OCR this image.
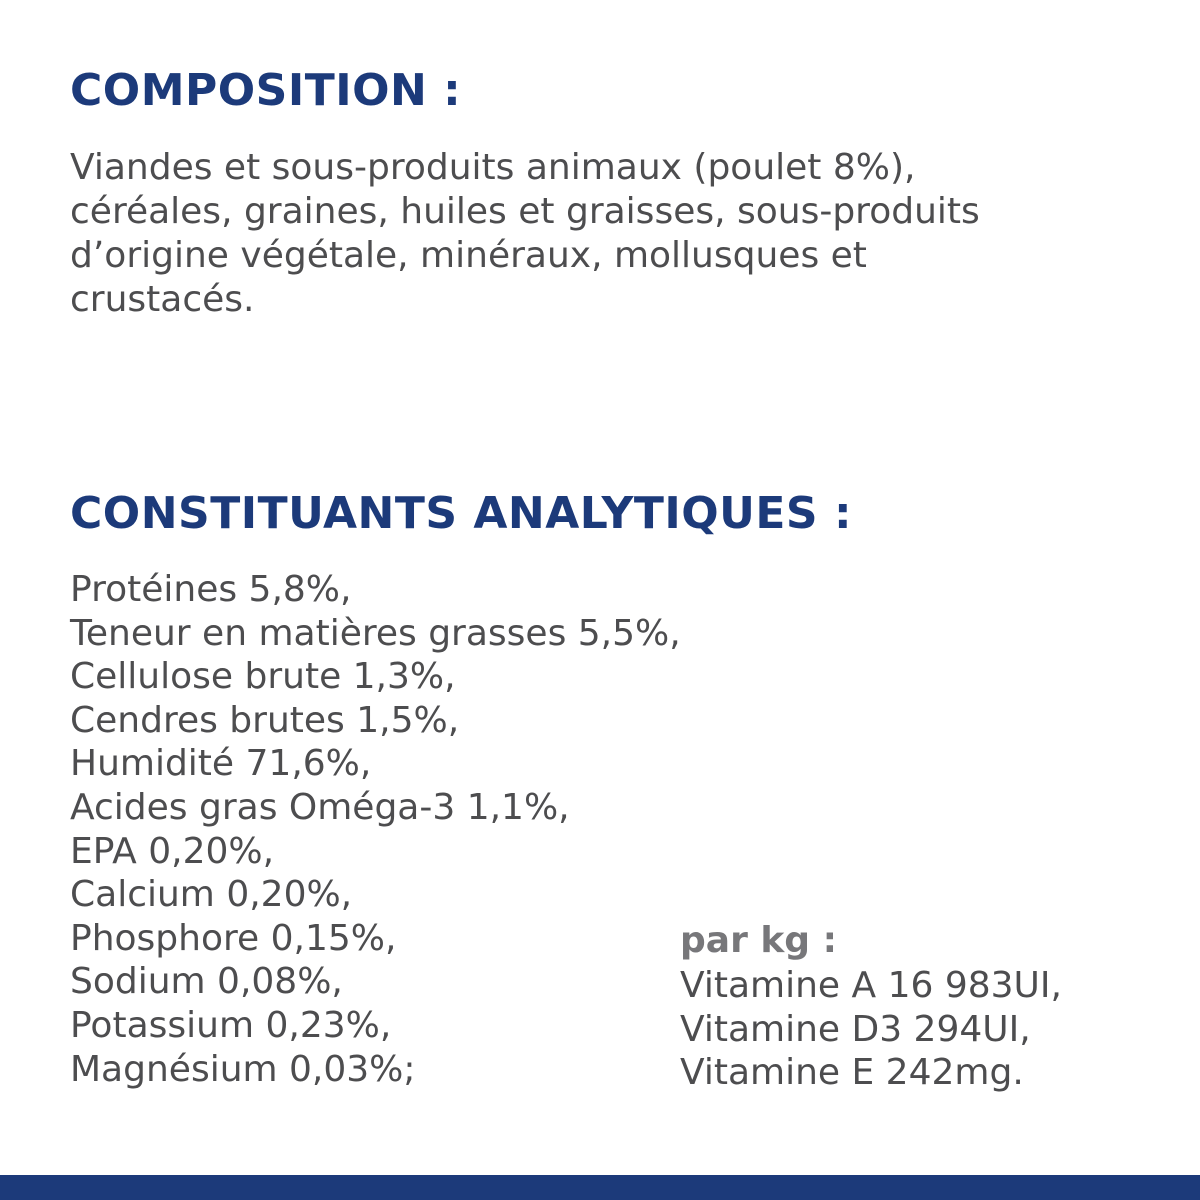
COMPOSITION :

Viandes et sous-produits animaux (poulet 8%),
céréales, graines, huiles et graisses, sous-produits
d’origine végétale, minéraux, mollusques et
crustacés.

CONSTITUANTS ANALYTIQUES :
Protéines 5,8%,
Teneur en matières grasses 5,5%,
Cellulose brute 1,3%,
Cendres brutes 1,5%,
Humidité 71,6%,
Acides gras Oméga-3 1,1%,
EPA 0,20%,
Calcium 0,20%,
Phosphore 0,15%,
Sodium 0,08%,
Potassium 0,23%,
Magnésium 0,03%;
par kg :
Vitamine A 16 983UI,
Vitamine D3 294UI,
Vitamine E 242mg.
